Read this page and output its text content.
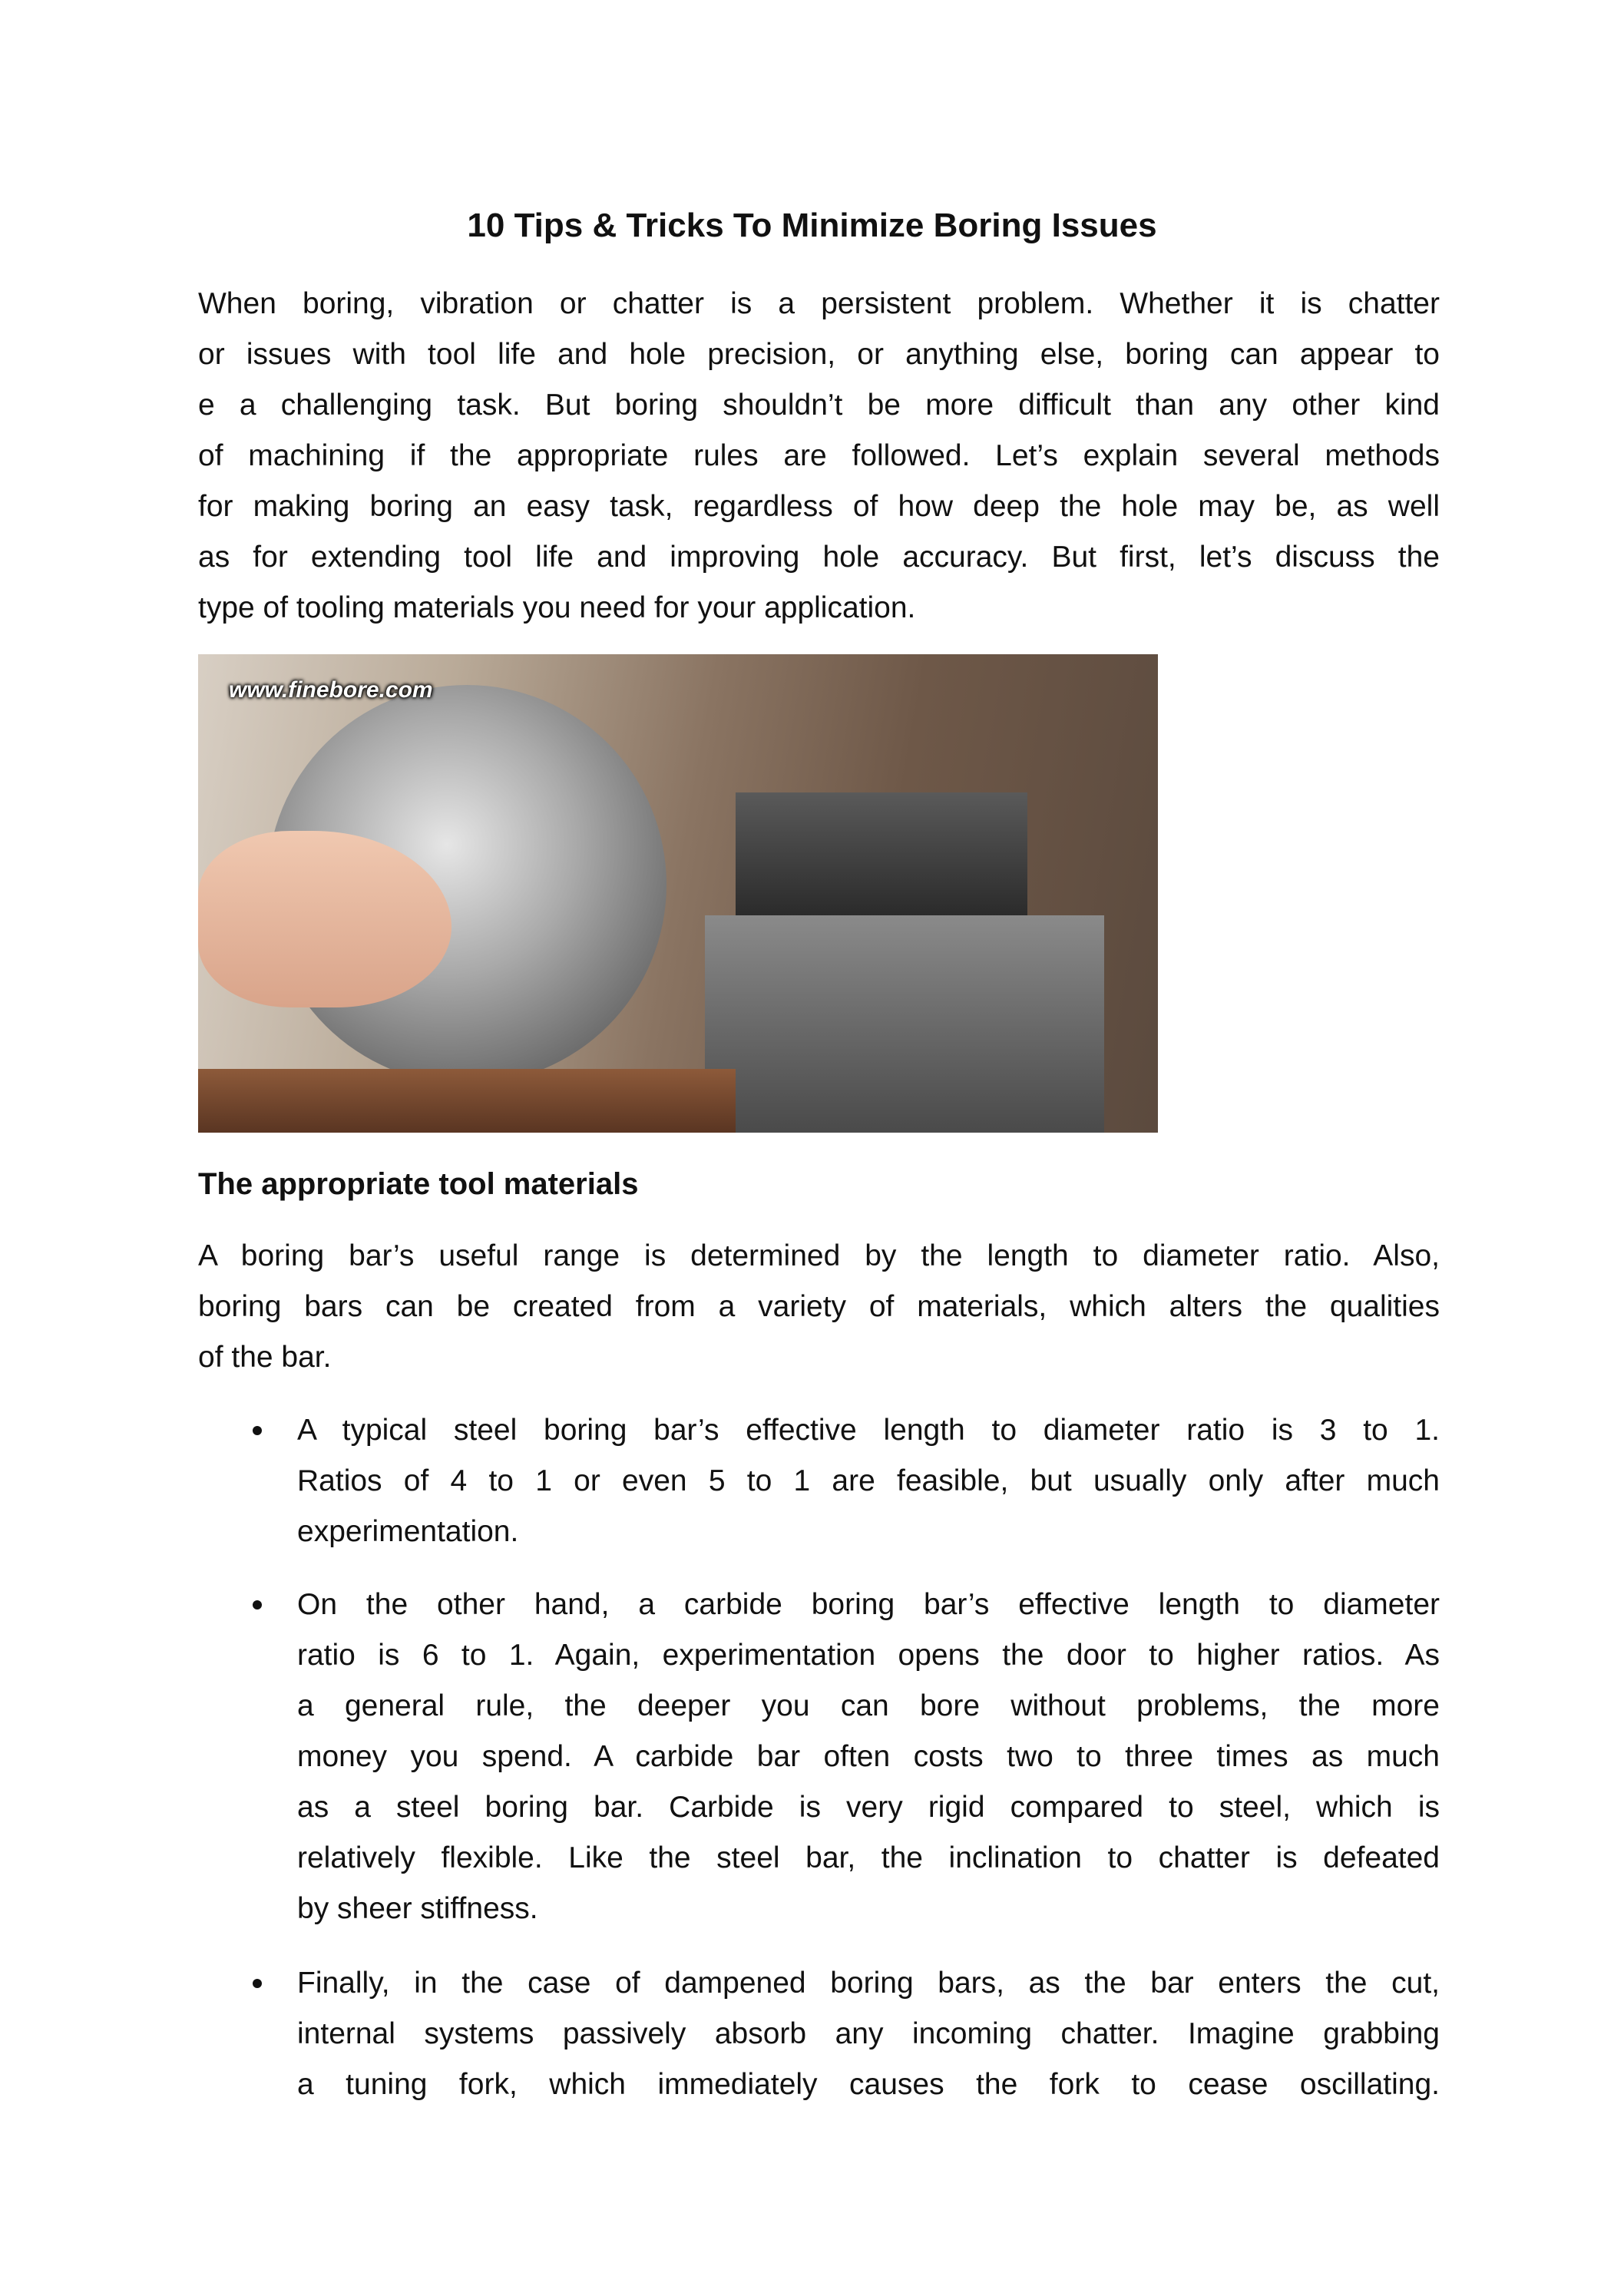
10 Tips & Tricks To Minimize Boring Issues
When boring, vibration or chatter is a persistent problem. Whether it is chatter
or issues with tool life and hole precision, or anything else, boring can appear to
e a challenging task. But boring shouldn’t be more difficult than any other kind
of machining if the appropriate rules are followed. Let’s explain several methods
for making boring an easy task, regardless of how deep the hole may be, as well
as for extending tool life and improving hole accuracy. But first, let’s discuss the
type of tooling materials you need for your application.
www.finebore.com
The appropriate tool materials
A boring bar’s useful range is determined by the length to diameter ratio. Also,
boring bars can be created from a variety of materials, which alters the qualities
of the bar.
A typical steel boring bar’s effective length to diameter ratio is 3 to 1.
Ratios of 4 to 1 or even 5 to 1 are feasible, but usually only after much
experimentation.
On the other hand, a carbide boring bar’s effective length to diameter
ratio is 6 to 1. Again, experimentation opens the door to higher ratios. As
a general rule, the deeper you can bore without problems, the more
money you spend. A carbide bar often costs two to three times as much
as a steel boring bar. Carbide is very rigid compared to steel, which is
relatively flexible. Like the steel bar, the inclination to chatter is defeated
by sheer stiffness.
Finally, in the case of dampened boring bars, as the bar enters the cut,
internal systems passively absorb any incoming chatter. Imagine grabbing
a tuning fork, which immediately causes the fork to cease oscillating.
